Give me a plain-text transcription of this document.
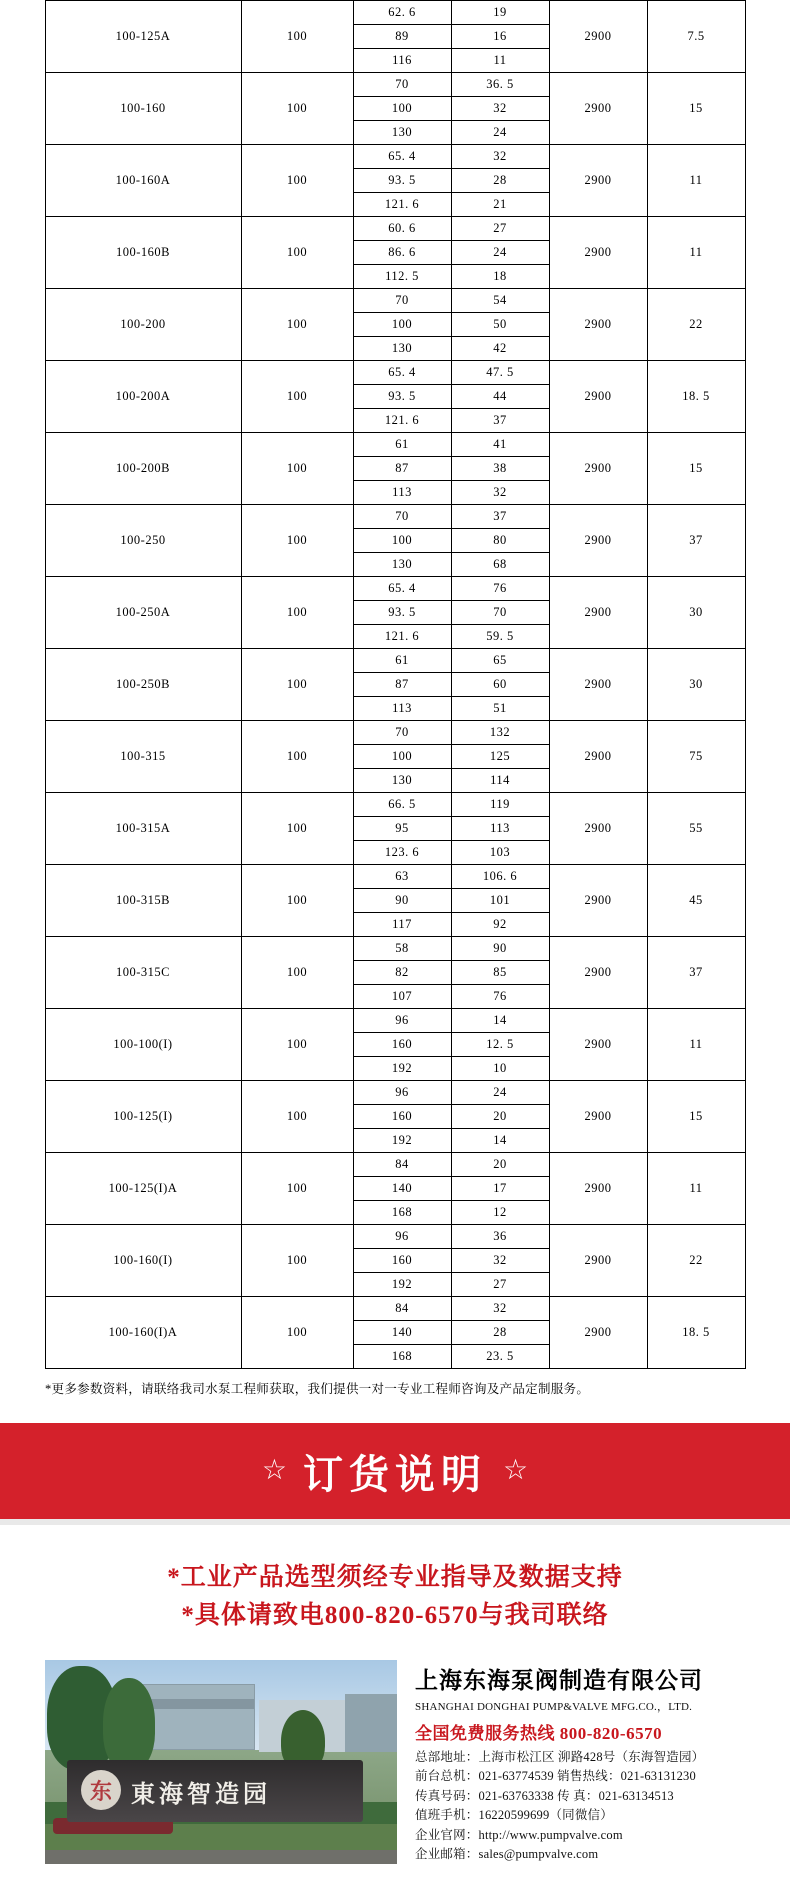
100-125A	100	62. 6	19	2900	7.5
		89	16		
		116	11		
100-160	100	70	36. 5	2900	15
		100	32		
		130	24		
100-160A	100	65. 4	32	2900	11
		93. 5	28		
		121. 6	21		
100-160B	100	60. 6	27	2900	11
		86. 6	24		
		112. 5	18		
100-200	100	70	54	2900	22
		100	50		
		130	42		
100-200A	100	65. 4	47. 5	2900	18. 5
		93. 5	44		
		121. 6	37		
100-200B	100	61	41	2900	15
		87	38		
		113	32		
100-250	100	70	37	2900	37
		100	80		
		130	68		
100-250A	100	65. 4	76	2900	30
		93. 5	70		
		121. 6	59. 5		
100-250B	100	61	65	2900	30
		87	60		
		113	51		
100-315	100	70	132	2900	75
		100	125		
		130	114		
100-315A	100	66. 5	119	2900	55
		95	113		
		123. 6	103		
100-315B	100	63	106. 6	2900	45
		90	101		
		117	92		
100-315C	100	58	90	2900	37
		82	85		
		107	76		
100-100(I)	100	96	14	2900	11
		160	12. 5		
		192	10		
100-125(I)	100	96	24	2900	15
		160	20		
		192	14		
100-125(I)A	100	84	20	2900	11
		140	17		
		168	12		
100-160(I)	100	96	36	2900	22
		160	32		
		192	27		
100-160(I)A	100	84	32	2900	18. 5
		140	28		
		168	23. 5		
*更多参数资料，请联络我司水泵工程师获取，我们提供一对一专业工程师咨询及产品定制服务。
☆ 订货说明 ☆
*工业产品选型须经专业指导及数据支持
*具体请致电800-820-6570与我司联络
东 東海智造园
上海东海泵阀制造有限公司
SHANGHAI DONGHAI PUMP&VALVE MFG.CO.，LTD.
全国免费服务热线 800-820-6570
总部地址：上海市松江区 泖路428号（东海智造园）
前台总机：021-63774539 销售热线：021-63131230
传真号码：021-63763338 传 真：021-63134513
值班手机：16220599699（同微信）
企业官网：http://www.pumpvalve.com
企业邮箱：sales@pumpvalve.com
